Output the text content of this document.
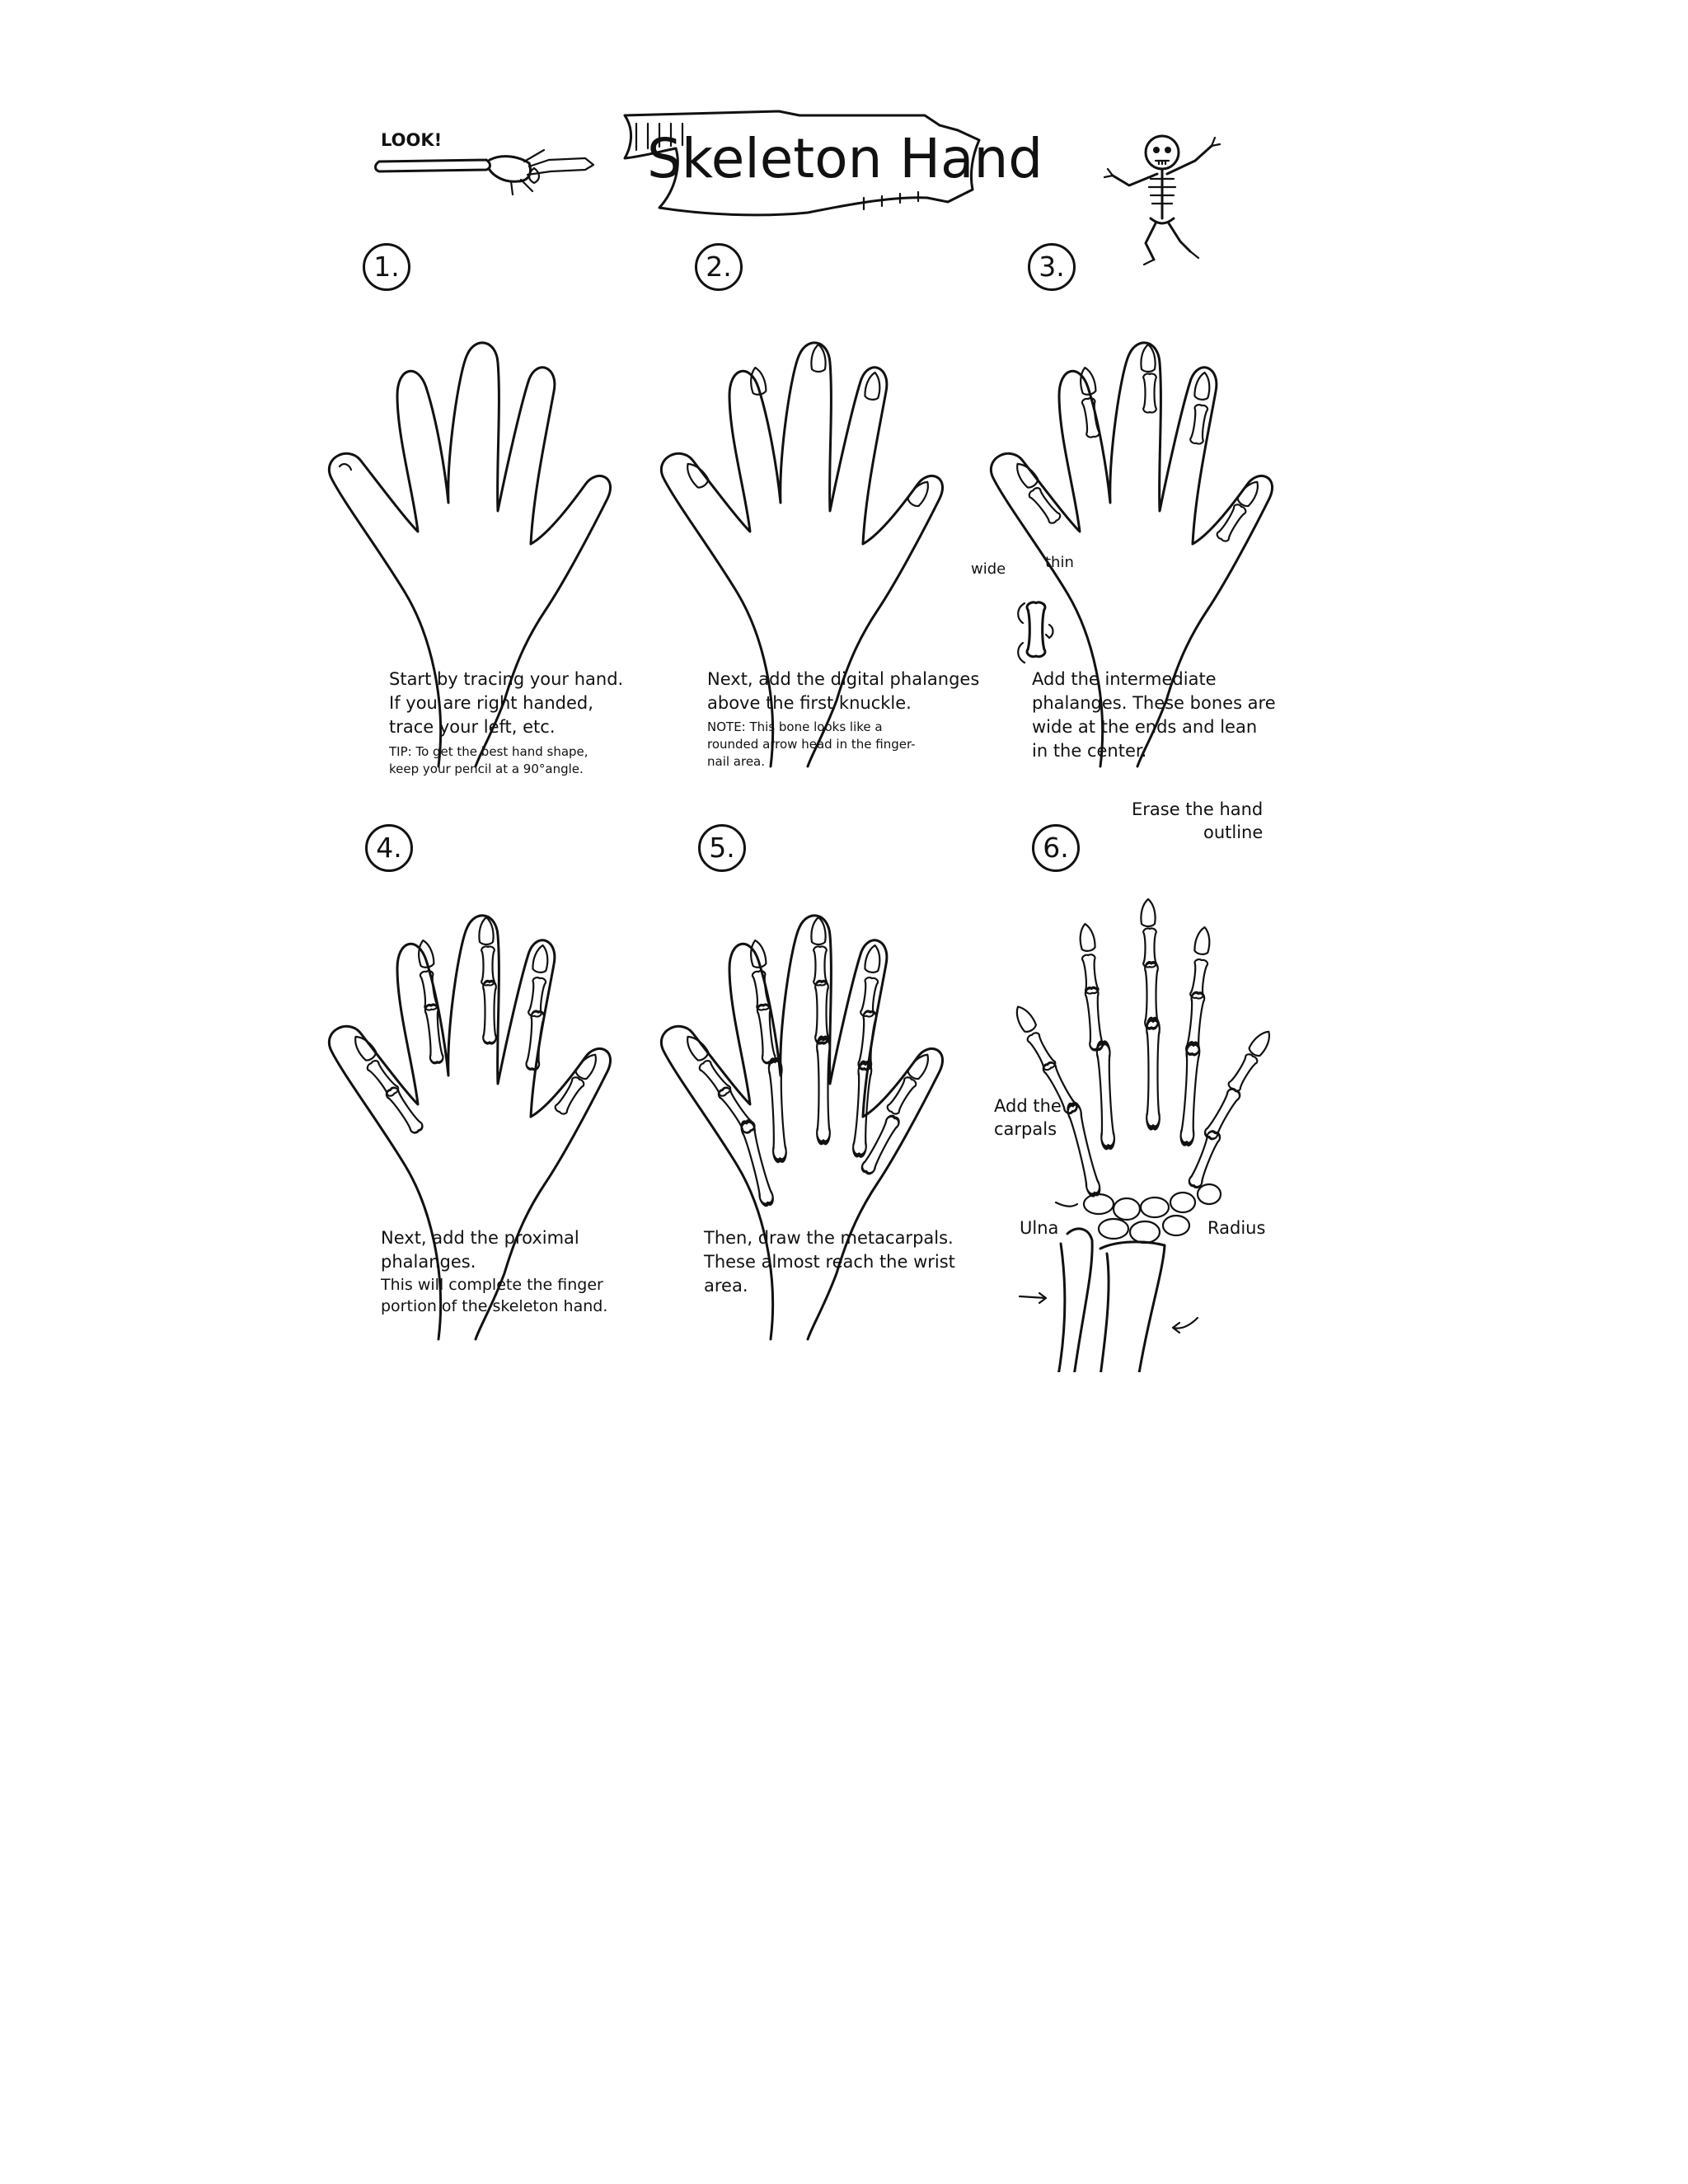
LOOK!	Skeleton Hand
1.	2.	3.
4.	5.	6.
Start by tracing your hand.
If you are right handed,
trace your left, etc.
TIP: To get the best hand shape,
keep your pencil at a 90°angle.
Next, add the digital phalanges
above the first knuckle.
NOTE: This bone looks like a
rounded arrow head in the finger-
nail area.
Add the intermediate
phalanges. These bones are
wide at the ends and lean
in the center.
wide	thin
Next, add the proximal
phalanges.
This will complete the finger
portion of the skeleton hand.
Then, draw the metacarpals.
These almost reach the wrist
area.
Erase the hand
outline
Add the
carpals
Ulna	Radius
